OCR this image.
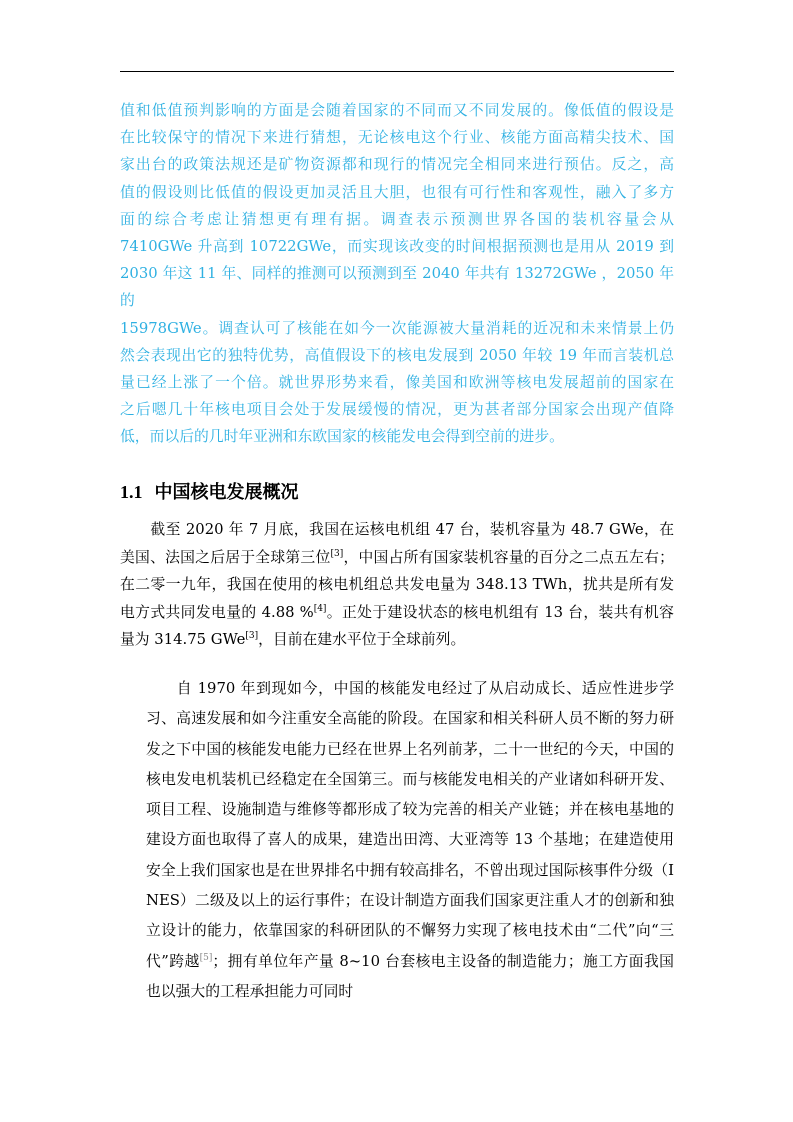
值和低值预判影响的方面是会随着国家的不同而又不同发展的。像低值的假设是
在比较保守的情况下来进行猜想，无论核电这个行业、核能方面高精尖技术、国
家出台的政策法规还是矿物资源都和现行的情况完全相同来进行预估。反之，高
值的假设则比低值的假设更加灵活且大胆，也很有可行性和客观性，融入了多方
面的综合考虑让猜想更有理有据。调查表示预测世界各国的装机容量会从
7410GWe 升高到 10722GWe，而实现该改变的时间根据预测也是用从 2019 到
2030 年这 11 年、同样的推测可以预测到至 2040 年共有 13272GWe ，2050 年的
15978GWe。调查认可了核能在如今一次能源被大量消耗的近况和未来情景上仍
然会表现出它的独特优势，高值假设下的核电发展到 2050 年较 19 年而言装机总
量已经上涨了一个倍。就世界形势来看，像美国和欧洲等核电发展超前的国家在
之后嗯几十年核电项目会处于发展缓慢的情况，更为甚者部分国家会出现产值降
低，而以后的几时年亚洲和东欧国家的核能发电会得到空前的进步。
1.1 中国核电发展概况

截至 2020 年 7 月底，我国在运核电机组 47 台，装机容量为 48.7 GWe，在美国、法国之后居于全球第三位[3]，中国占所有国家装机容量的百分之二点五左右；在二零一九年，我国在使用的核电机组总共发电量为 348.13 TWh，扰共是所有发电方式共同发电量的 4.88 %[4]。正处于建设状态的核电机组有 13 台，装共有机容量为 314.75 GWe[3]，目前在建水平位于全球前列。

自 1970 年到现如今，中国的核能发电经过了从启动成长、适应性进步学习、高速发展和如今注重安全高能的阶段。在国家和相关科研人员不断的努力研发之下中国的核能发电能力已经在世界上名列前茅，二十一世纪的今天，中国的核电发电机装机已经稳定在全国第三。而与核能发电相关的产业诸如科研开发、项目工程、设施制造与维修等都形成了较为完善的相关产业链；并在核电基地的建设方面也取得了喜人的成果，建造出田湾、大亚湾等 13 个基地；在建造使用安全上我们国家也是在世界排名中拥有较高排名，不曾出现过国际核事件分级（INES）二级及以上的运行事件；在设计制造方面我们国家更注重人才的创新和独立设计的能力，依靠国家的科研团队的不懈努力实现了核电技术由“二代”向“三代”跨越[5]；拥有单位年产量 8~10 台套核电主设备的制造能力；施工方面我国也以强大的工程承担能力可同时
